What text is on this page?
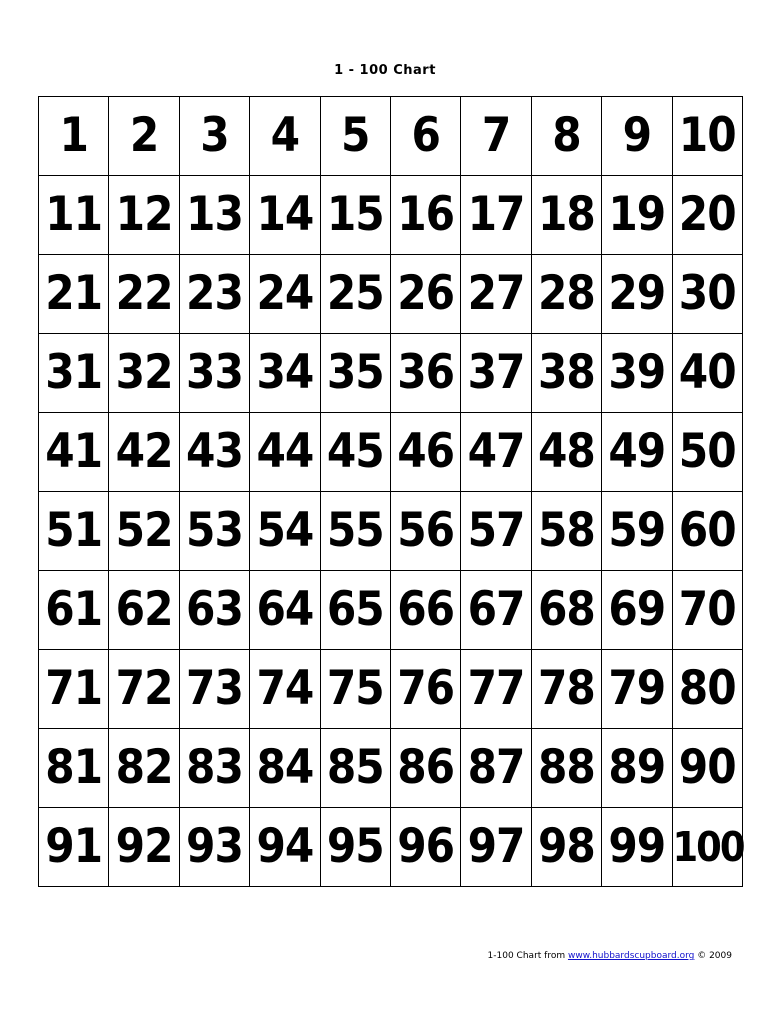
1 - 100 Chart
1	2	3	4	5	6	7	8	9	10
11	12	13	14	15	16	17	18	19	20
21	22	23	24	25	26	27	28	29	30
31	32	33	34	35	36	37	38	39	40
41	42	43	44	45	46	47	48	49	50
51	52	53	54	55	56	57	58	59	60
61	62	63	64	65	66	67	68	69	70
71	72	73	74	75	76	77	78	79	80
81	82	83	84	85	86	87	88	89	90
91	92	93	94	95	96	97	98	99	100
1-100 Chart from www.hubbardscupboard.org © 2009
